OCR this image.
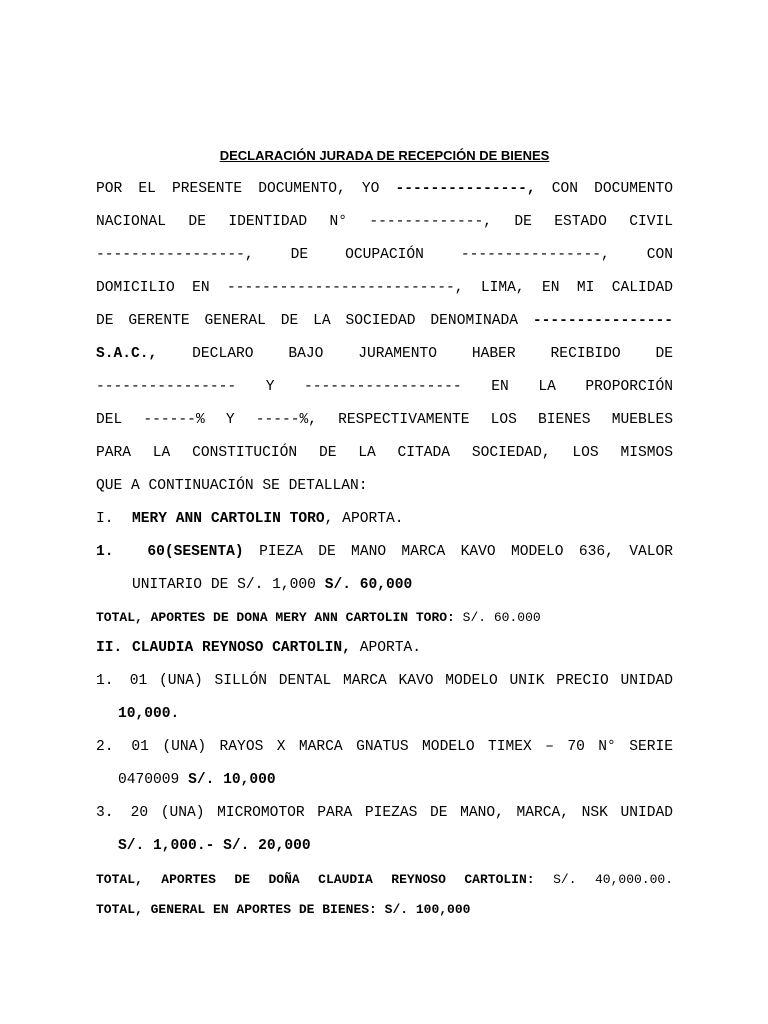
DECLARACIÓN JURADA DE RECEPCIÓN DE BIENES
POR EL PRESENTE DOCUMENTO, YO ---------------, CON DOCUMENTO
NACIONAL DE IDENTIDAD N° -------------, DE ESTADO CIVIL
-----------------, DE OCUPACIÓN ----------------, CON
DOMICILIO EN --------------------------, LIMA, EN MI CALIDAD
DE GERENTE GENERAL DE LA SOCIEDAD DENOMINADA ----------------
S.A.C., DECLARO BAJO JURAMENTO HABER RECIBIDO DE
---------------- Y ------------------ EN LA PROPORCIÓN
DEL ------% Y -----%, RESPECTIVAMENTE LOS BIENES MUEBLES
PARA LA CONSTITUCIÓN DE LA CITADA SOCIEDAD, LOS MISMOS
QUE A CONTINUACIÓN SE DETALLAN:
I. MERY ANN CARTOLIN TORO, APORTA.
1. 60(SESENTA) PIEZA DE MANO MARCA KAVO MODELO 636, VALOR
UNITARIO DE S/. 1,000 S/. 60,000
TOTAL, APORTES DE DONA MERY ANN CARTOLIN TORO: S/. 60.000
II. CLAUDIA REYNOSO CARTOLIN, APORTA.
1. 01 (UNA) SILLÓN DENTAL MARCA KAVO MODELO UNIK PRECIO UNIDAD
10,000.
2. 01 (UNA) RAYOS X MARCA GNATUS MODELO TIMEX – 70 N° SERIE
0470009 S/. 10,000
3. 20 (UNA) MICROMOTOR PARA PIEZAS DE MANO, MARCA, NSK UNIDAD
S/. 1,000.- S/. 20,000
TOTAL, APORTES DE DOÑA CLAUDIA REYNOSO CARTOLIN: S/. 40,000.00.
TOTAL, GENERAL EN APORTES DE BIENES: S/. 100,000
